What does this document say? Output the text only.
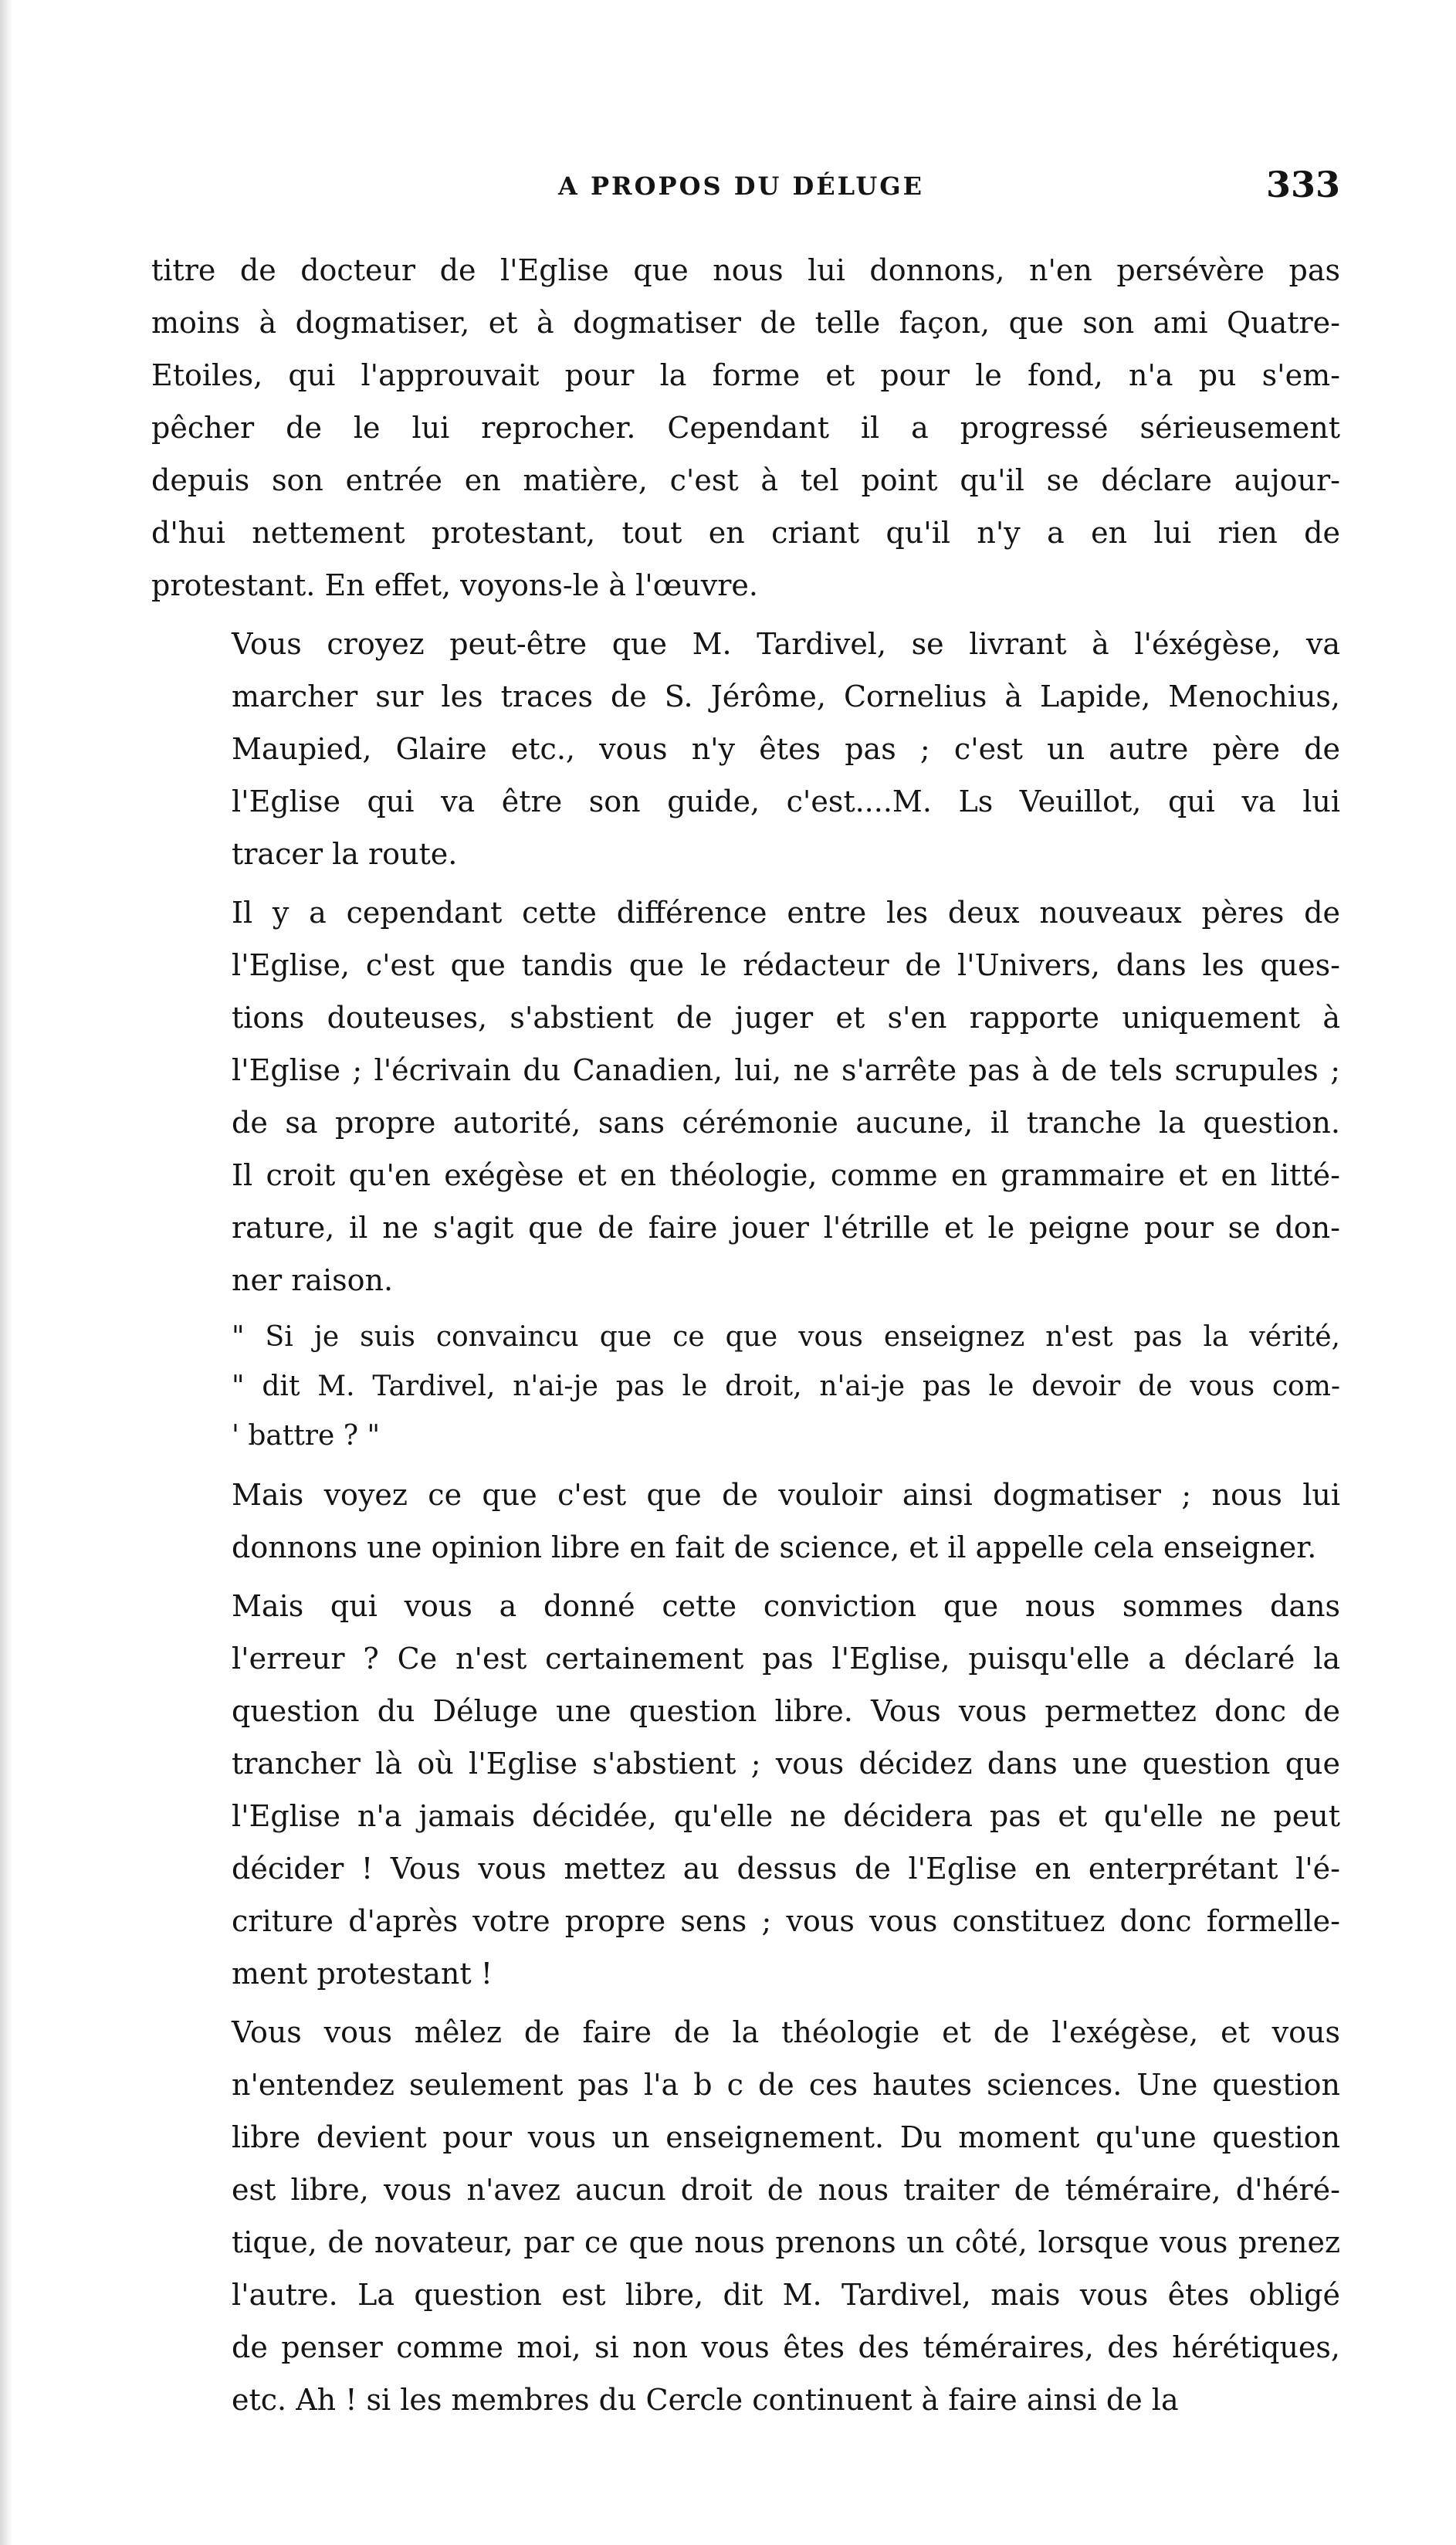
A PROPOS DU DÉLUGE	333

titre de docteur de l'Eglise que nous lui donnons, n'en persévère pas
moins à dogmatiser, et à dogmatiser de telle façon, que son ami Quatre-
Etoiles, qui l'approuvait pour la forme et pour le fond, n'a pu s'em-
pêcher de le lui reprocher. Cependant il a progressé sérieusement
depuis son entrée en matière, c'est à tel point qu'il se déclare aujour-
d'hui nettement protestant, tout en criant qu'il n'y a en lui rien de
protestant. En effet, voyons-le à l'œuvre.

Vous croyez peut-être que M. Tardivel, se livrant à l'éxégèse, va
marcher sur les traces de S. Jérôme, Cornelius à Lapide, Menochius,
Maupied, Glaire etc., vous n'y êtes pas ; c'est un autre père de
l'Eglise qui va être son guide, c'est....M. Ls Veuillot, qui va lui
tracer la route.

Il y a cependant cette différence entre les deux nouveaux pères de
l'Eglise, c'est que tandis que le rédacteur de l'Univers, dans les ques-
tions douteuses, s'abstient de juger et s'en rapporte uniquement à
l'Eglise ; l'écrivain du Canadien, lui, ne s'arrête pas à de tels scrupules ;
de sa propre autorité, sans cérémonie aucune, il tranche la question.
Il croit qu'en exégèse et en théologie, comme en grammaire et en litté-
rature, il ne s'agit que de faire jouer l'étrille et le peigne pour se don-
ner raison.

" Si je suis convaincu que ce que vous enseignez n'est pas la vérité,
" dit M. Tardivel, n'ai-je pas le droit, n'ai-je pas le devoir de vous com-
' battre ? "

Mais voyez ce que c'est que de vouloir ainsi dogmatiser ; nous lui
donnons une opinion libre en fait de science, et il appelle cela enseigner.

Mais qui vous a donné cette conviction que nous sommes dans
l'erreur ? Ce n'est certainement pas l'Eglise, puisqu'elle a déclaré la
question du Déluge une question libre. Vous vous permettez donc de
trancher là où l'Eglise s'abstient ; vous décidez dans une question que
l'Eglise n'a jamais décidée, qu'elle ne décidera pas et qu'elle ne peut
décider ! Vous vous mettez au dessus de l'Eglise en enterprétant l'é-
criture d'après votre propre sens ; vous vous constituez donc formelle-
ment protestant !

Vous vous mêlez de faire de la théologie et de l'exégèse, et vous
n'entendez seulement pas l'a b c de ces hautes sciences. Une question
libre devient pour vous un enseignement. Du moment qu'une question
est libre, vous n'avez aucun droit de nous traiter de téméraire, d'héré-
tique, de novateur, par ce que nous prenons un côté, lorsque vous prenez
l'autre. La question est libre, dit M. Tardivel, mais vous êtes obligé
de penser comme moi, si non vous êtes des téméraires, des hérétiques,
etc. Ah ! si les membres du Cercle continuent à faire ainsi de la
